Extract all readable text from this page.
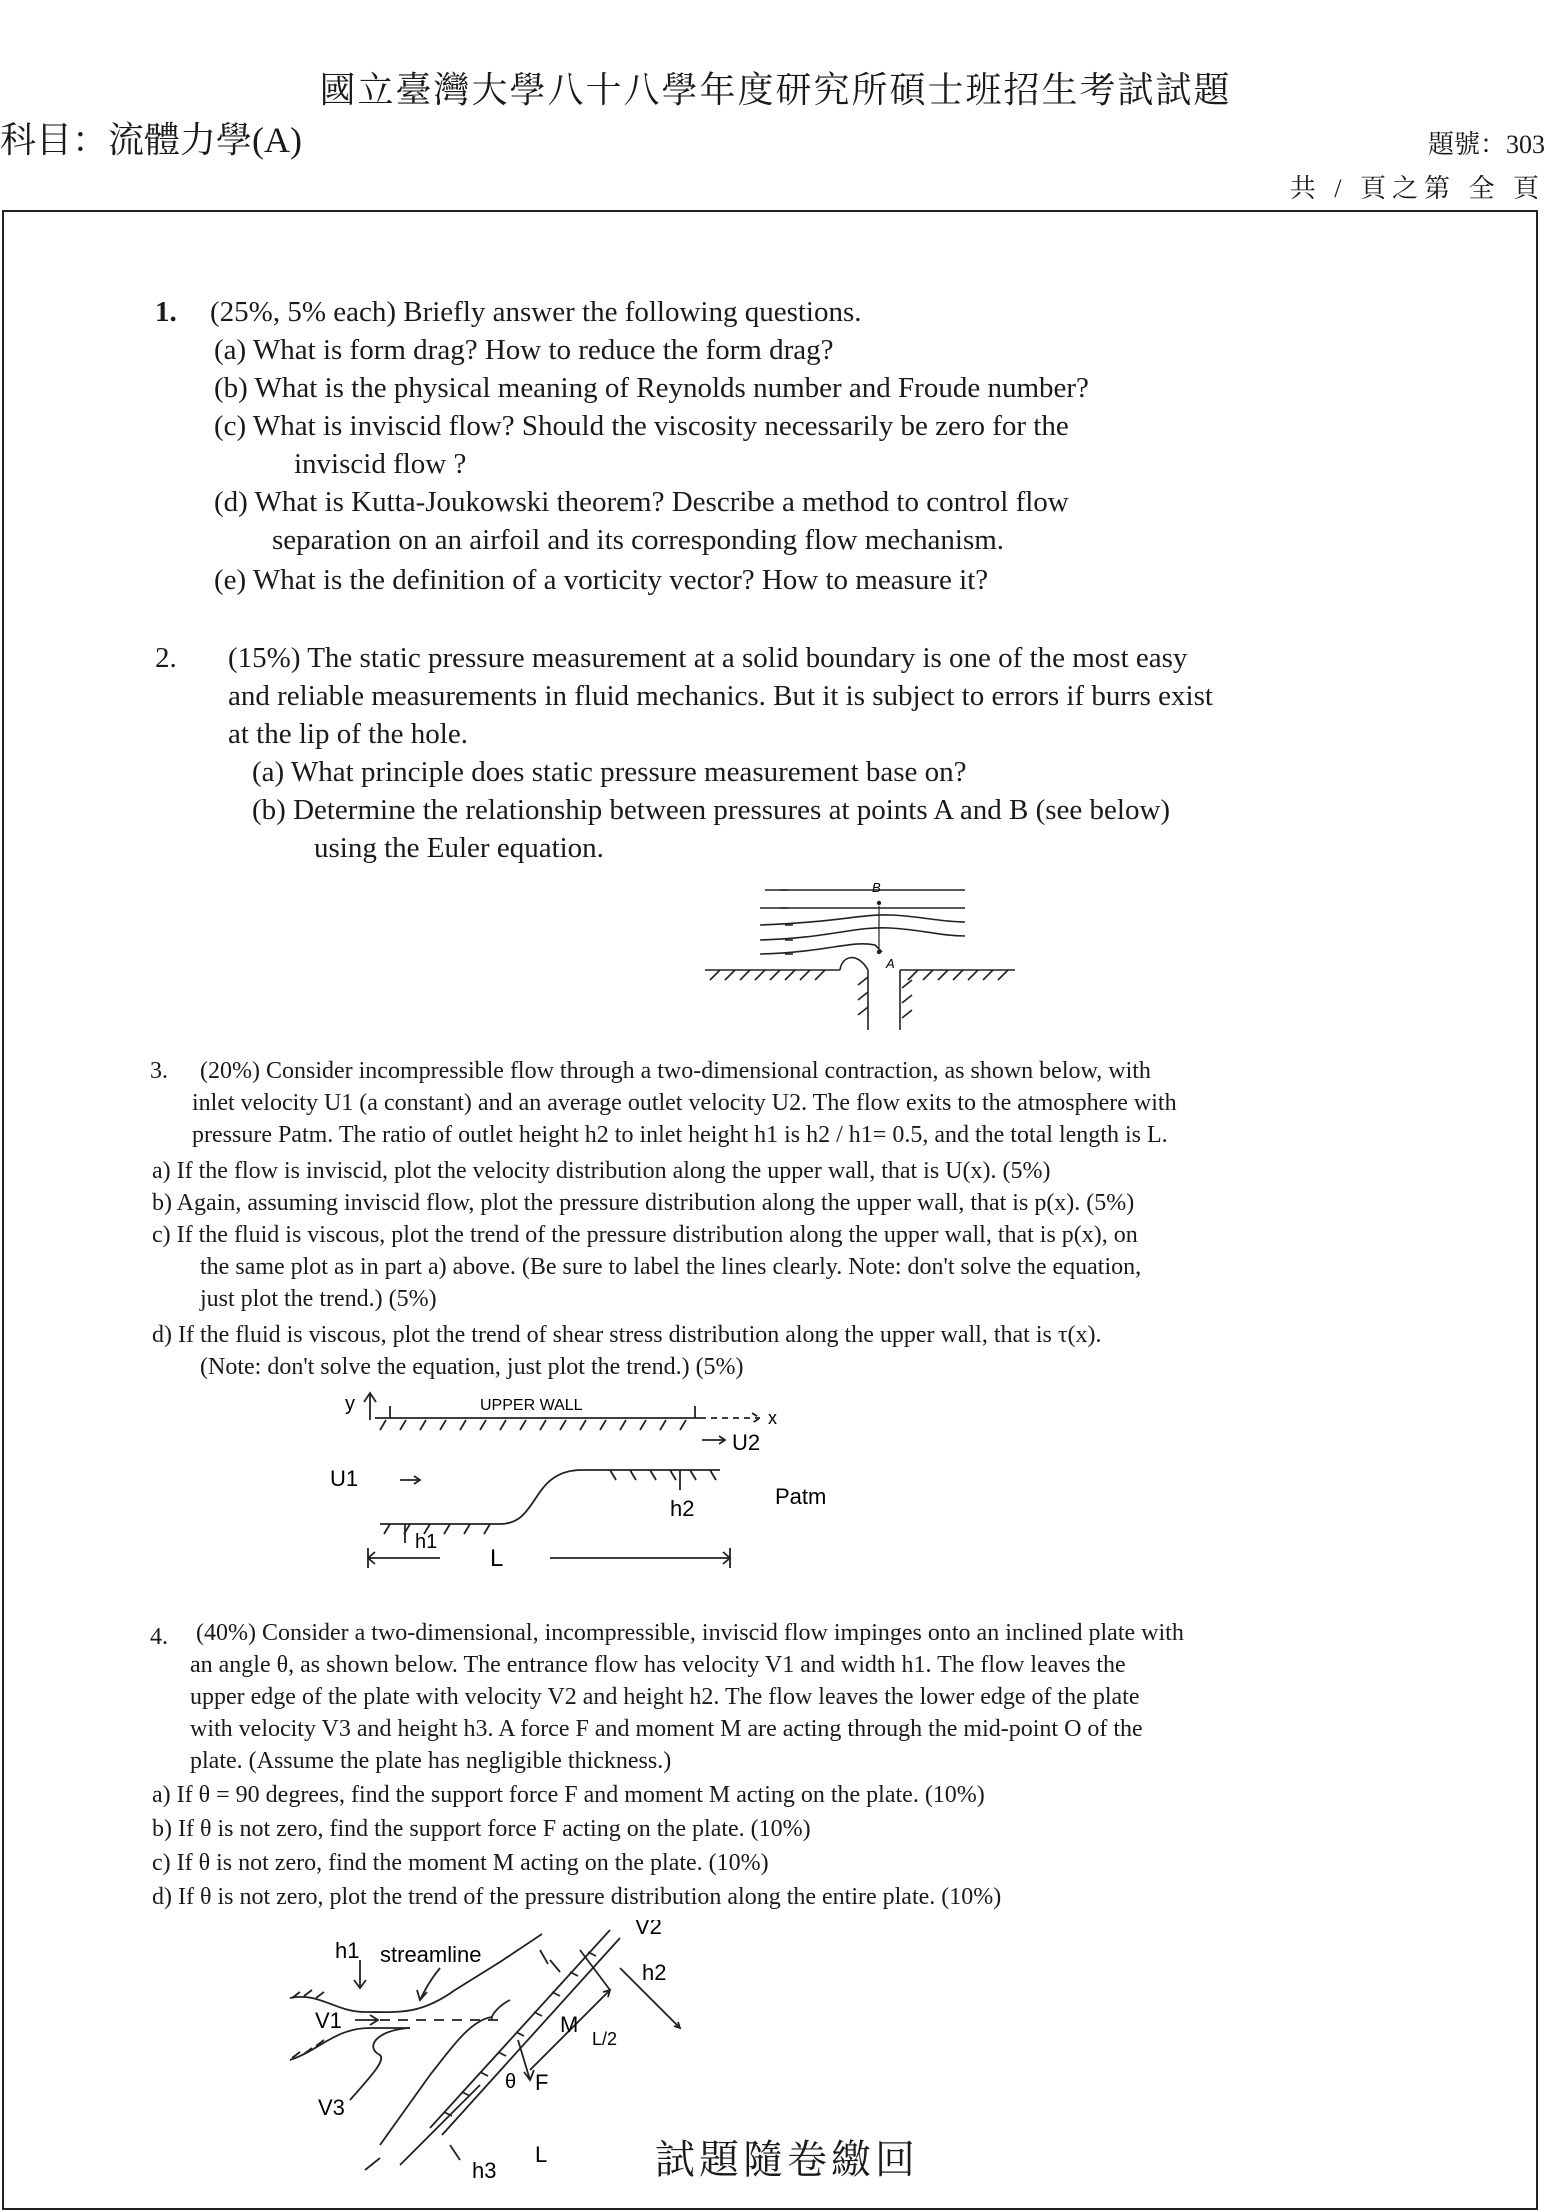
國立臺灣大學八十八學年度研究所碩士班招生考試試題
科目：流體力學(A)	題號：303
共 / 頁之第 全 頁
1. (25%, 5% each) Briefly answer the following questions.
(a) What is form drag? How to reduce the form drag?
(b) What is the physical meaning of Reynolds number and Froude number?
(c) What is inviscid flow? Should the viscosity necessarily be zero for the
inviscid flow ?
(d) What is Kutta-Joukowski theorem? Describe a method to control flow
separation on an airfoil and its corresponding flow mechanism.
(e) What is the definition of a vorticity vector? How to measure it?
2. (15%) The static pressure measurement at a solid boundary is one of the most easy
and reliable measurements in fluid mechanics. But it is subject to errors if burrs exist
at the lip of the hole.
(a) What principle does static pressure measurement base on?
(b) Determine the relationship between pressures at points A and B (see below)
using the Euler equation.
B
A
3. (20%) Consider incompressible flow through a two-dimensional contraction, as shown below, with
inlet velocity U1 (a constant) and an average outlet velocity U2. The flow exits to the atmosphere with
pressure Patm. The ratio of outlet height h2 to inlet height h1 is h2 / h1= 0.5, and the total length is L.
a) If the flow is inviscid, plot the velocity distribution along the upper wall, that is U(x). (5%)
b) Again, assuming inviscid flow, plot the pressure distribution along the upper wall, that is p(x). (5%)
c) If the fluid is viscous, plot the trend of the pressure distribution along the upper wall, that is p(x), on
the same plot as in part a) above. (Be sure to label the lines clearly. Note: don't solve the equation,
just plot the trend.) (5%)
d) If the fluid is viscous, plot the trend of shear stress distribution along the upper wall, that is τ(x).
(Note: don't solve the equation, just plot the trend.) (5%)
y
x
UPPER WALL
U1
U2
h2
h1
Patm
L
4. (40%) Consider a two-dimensional, incompressible, inviscid flow impinges onto an inclined plate with
an angle θ, as shown below. The entrance flow has velocity V1 and width h1. The flow leaves the
upper edge of the plate with velocity V2 and height h2. The flow leaves the lower edge of the plate
with velocity V3 and height h3. A force F and moment M are acting through the mid-point O of the
plate. (Assume the plate has negligible thickness.)
a) If θ = 90 degrees, find the support force F and moment M acting on the plate. (10%)
b) If θ is not zero, find the support force F acting on the plate. (10%)
c) If θ is not zero, find the moment M acting on the plate. (10%)
d) If θ is not zero, plot the trend of the pressure distribution along the entire plate. (10%)
h1 streamline
V2
V1
V3
h2
h3
M
F
θ
L/2
L	試題隨卷繳回
